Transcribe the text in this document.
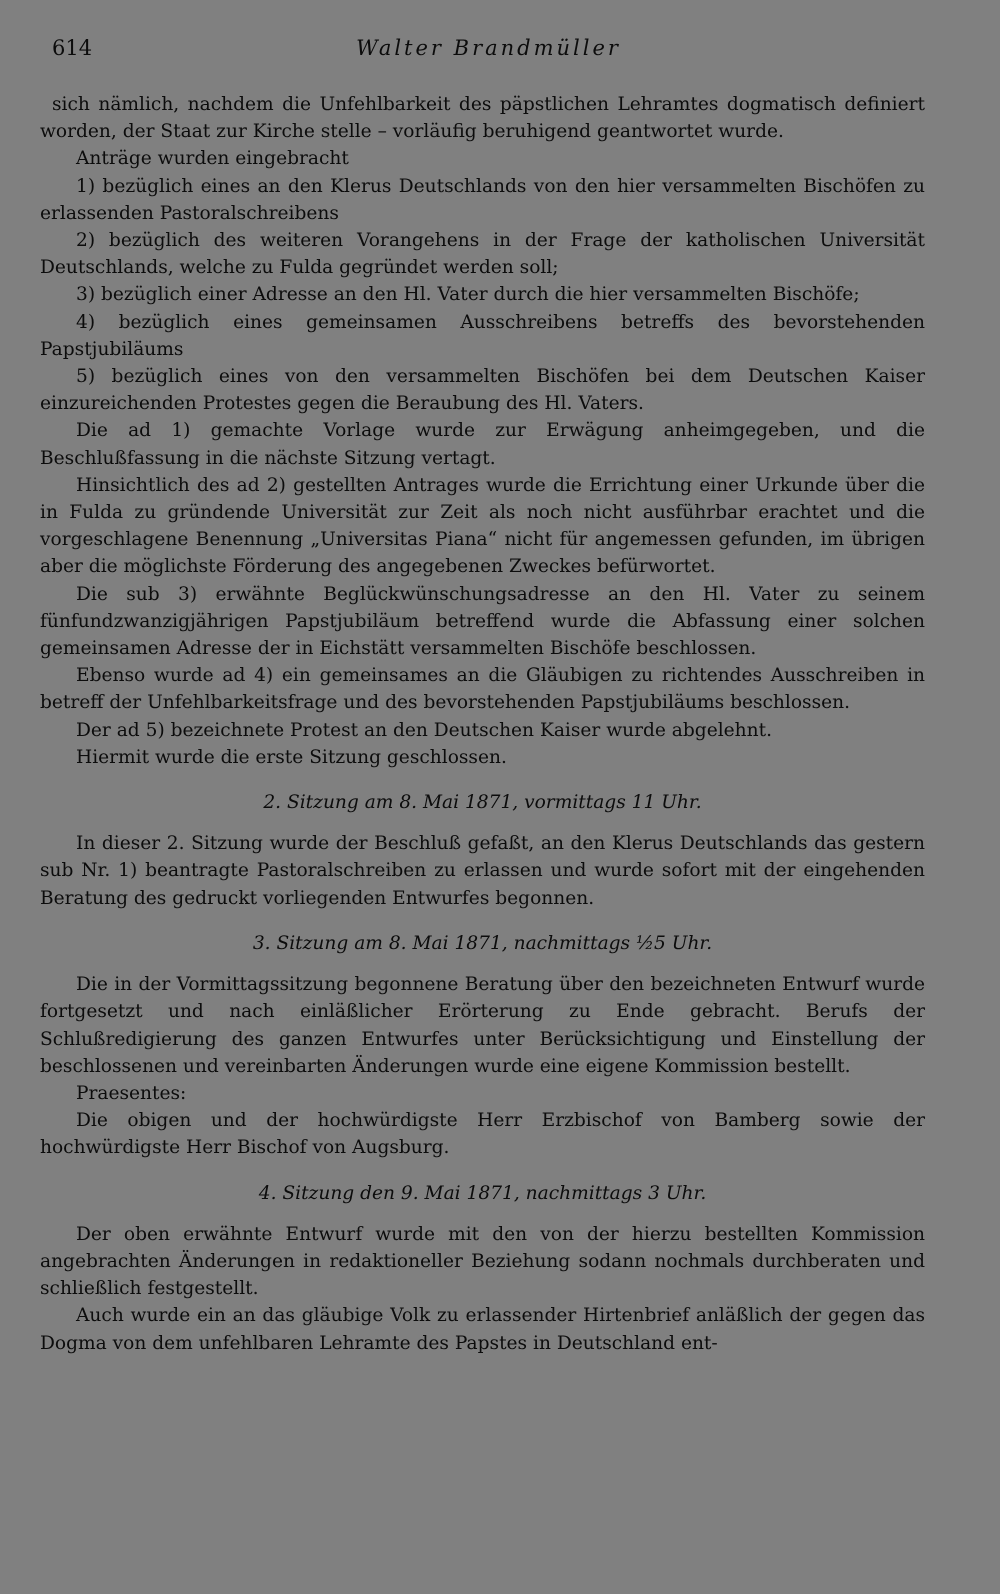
614	Walter Brandmüller

sich nämlich, nachdem die Unfehlbarkeit des päpstlichen Lehramtes dogmatisch definiert worden, der Staat zur Kirche stelle – vorläufig beruhigend geantwortet wurde.

Anträge wurden eingebracht

1) bezüglich eines an den Klerus Deutschlands von den hier versammelten Bischöfen zu erlassenden Pastoralschreibens

2) bezüglich des weiteren Vorangehens in der Frage der katholischen Universität Deutschlands, welche zu Fulda gegründet werden soll;

3) bezüglich einer Adresse an den Hl. Vater durch die hier versammelten Bischöfe;

4) bezüglich eines gemeinsamen Ausschreibens betreffs des bevorstehenden Papstjubiläums

5) bezüglich eines von den versammelten Bischöfen bei dem Deutschen Kaiser einzureichenden Protestes gegen die Beraubung des Hl. Vaters.

Die ad 1) gemachte Vorlage wurde zur Erwägung anheimgegeben, und die Beschlußfassung in die nächste Sitzung vertagt.

Hinsichtlich des ad 2) gestellten Antrages wurde die Errichtung einer Urkunde über die in Fulda zu gründende Universität zur Zeit als noch nicht ausführbar erachtet und die vorgeschlagene Benennung „Universitas Piana“ nicht für angemessen gefunden, im übrigen aber die möglichste Förderung des angegebenen Zweckes befürwortet.

Die sub 3) erwähnte Beglückwünschungsadresse an den Hl. Vater zu seinem fünfundzwanzigjährigen Papstjubiläum betreffend wurde die Abfassung einer solchen gemeinsamen Adresse der in Eichstätt versammelten Bischöfe beschlossen.

Ebenso wurde ad 4) ein gemeinsames an die Gläubigen zu richtendes Ausschreiben in betreff der Unfehlbarkeitsfrage und des bevorstehenden Papstjubiläums beschlossen.

Der ad 5) bezeichnete Protest an den Deutschen Kaiser wurde abgelehnt.

Hiermit wurde die erste Sitzung geschlossen.

2. Sitzung am 8. Mai 1871, vormittags 11 Uhr.

In dieser 2. Sitzung wurde der Beschluß gefaßt, an den Klerus Deutschlands das gestern sub Nr. 1) beantragte Pastoralschreiben zu erlassen und wurde sofort mit der eingehenden Beratung des gedruckt vorliegenden Entwurfes begonnen.

3. Sitzung am 8. Mai 1871, nachmittags ½5 Uhr.

Die in der Vormittagssitzung begonnene Beratung über den bezeichneten Entwurf wurde fortgesetzt und nach einläßlicher Erörterung zu Ende gebracht. Berufs der Schlußredigierung des ganzen Entwurfes unter Berücksichtigung und Einstellung der beschlossenen und vereinbarten Änderungen wurde eine eigene Kommission bestellt.

Praesentes:

Die obigen und der hochwürdigste Herr Erzbischof von Bamberg sowie der hochwürdigste Herr Bischof von Augsburg.

4. Sitzung den 9. Mai 1871, nachmittags 3 Uhr.

Der oben erwähnte Entwurf wurde mit den von der hierzu bestellten Kommission angebrachten Änderungen in redaktioneller Beziehung sodann nochmals durchberaten und schließlich festgestellt.

Auch wurde ein an das gläubige Volk zu erlassender Hirtenbrief anläßlich der gegen das Dogma von dem unfehlbaren Lehramte des Papstes in Deutschland ent-
